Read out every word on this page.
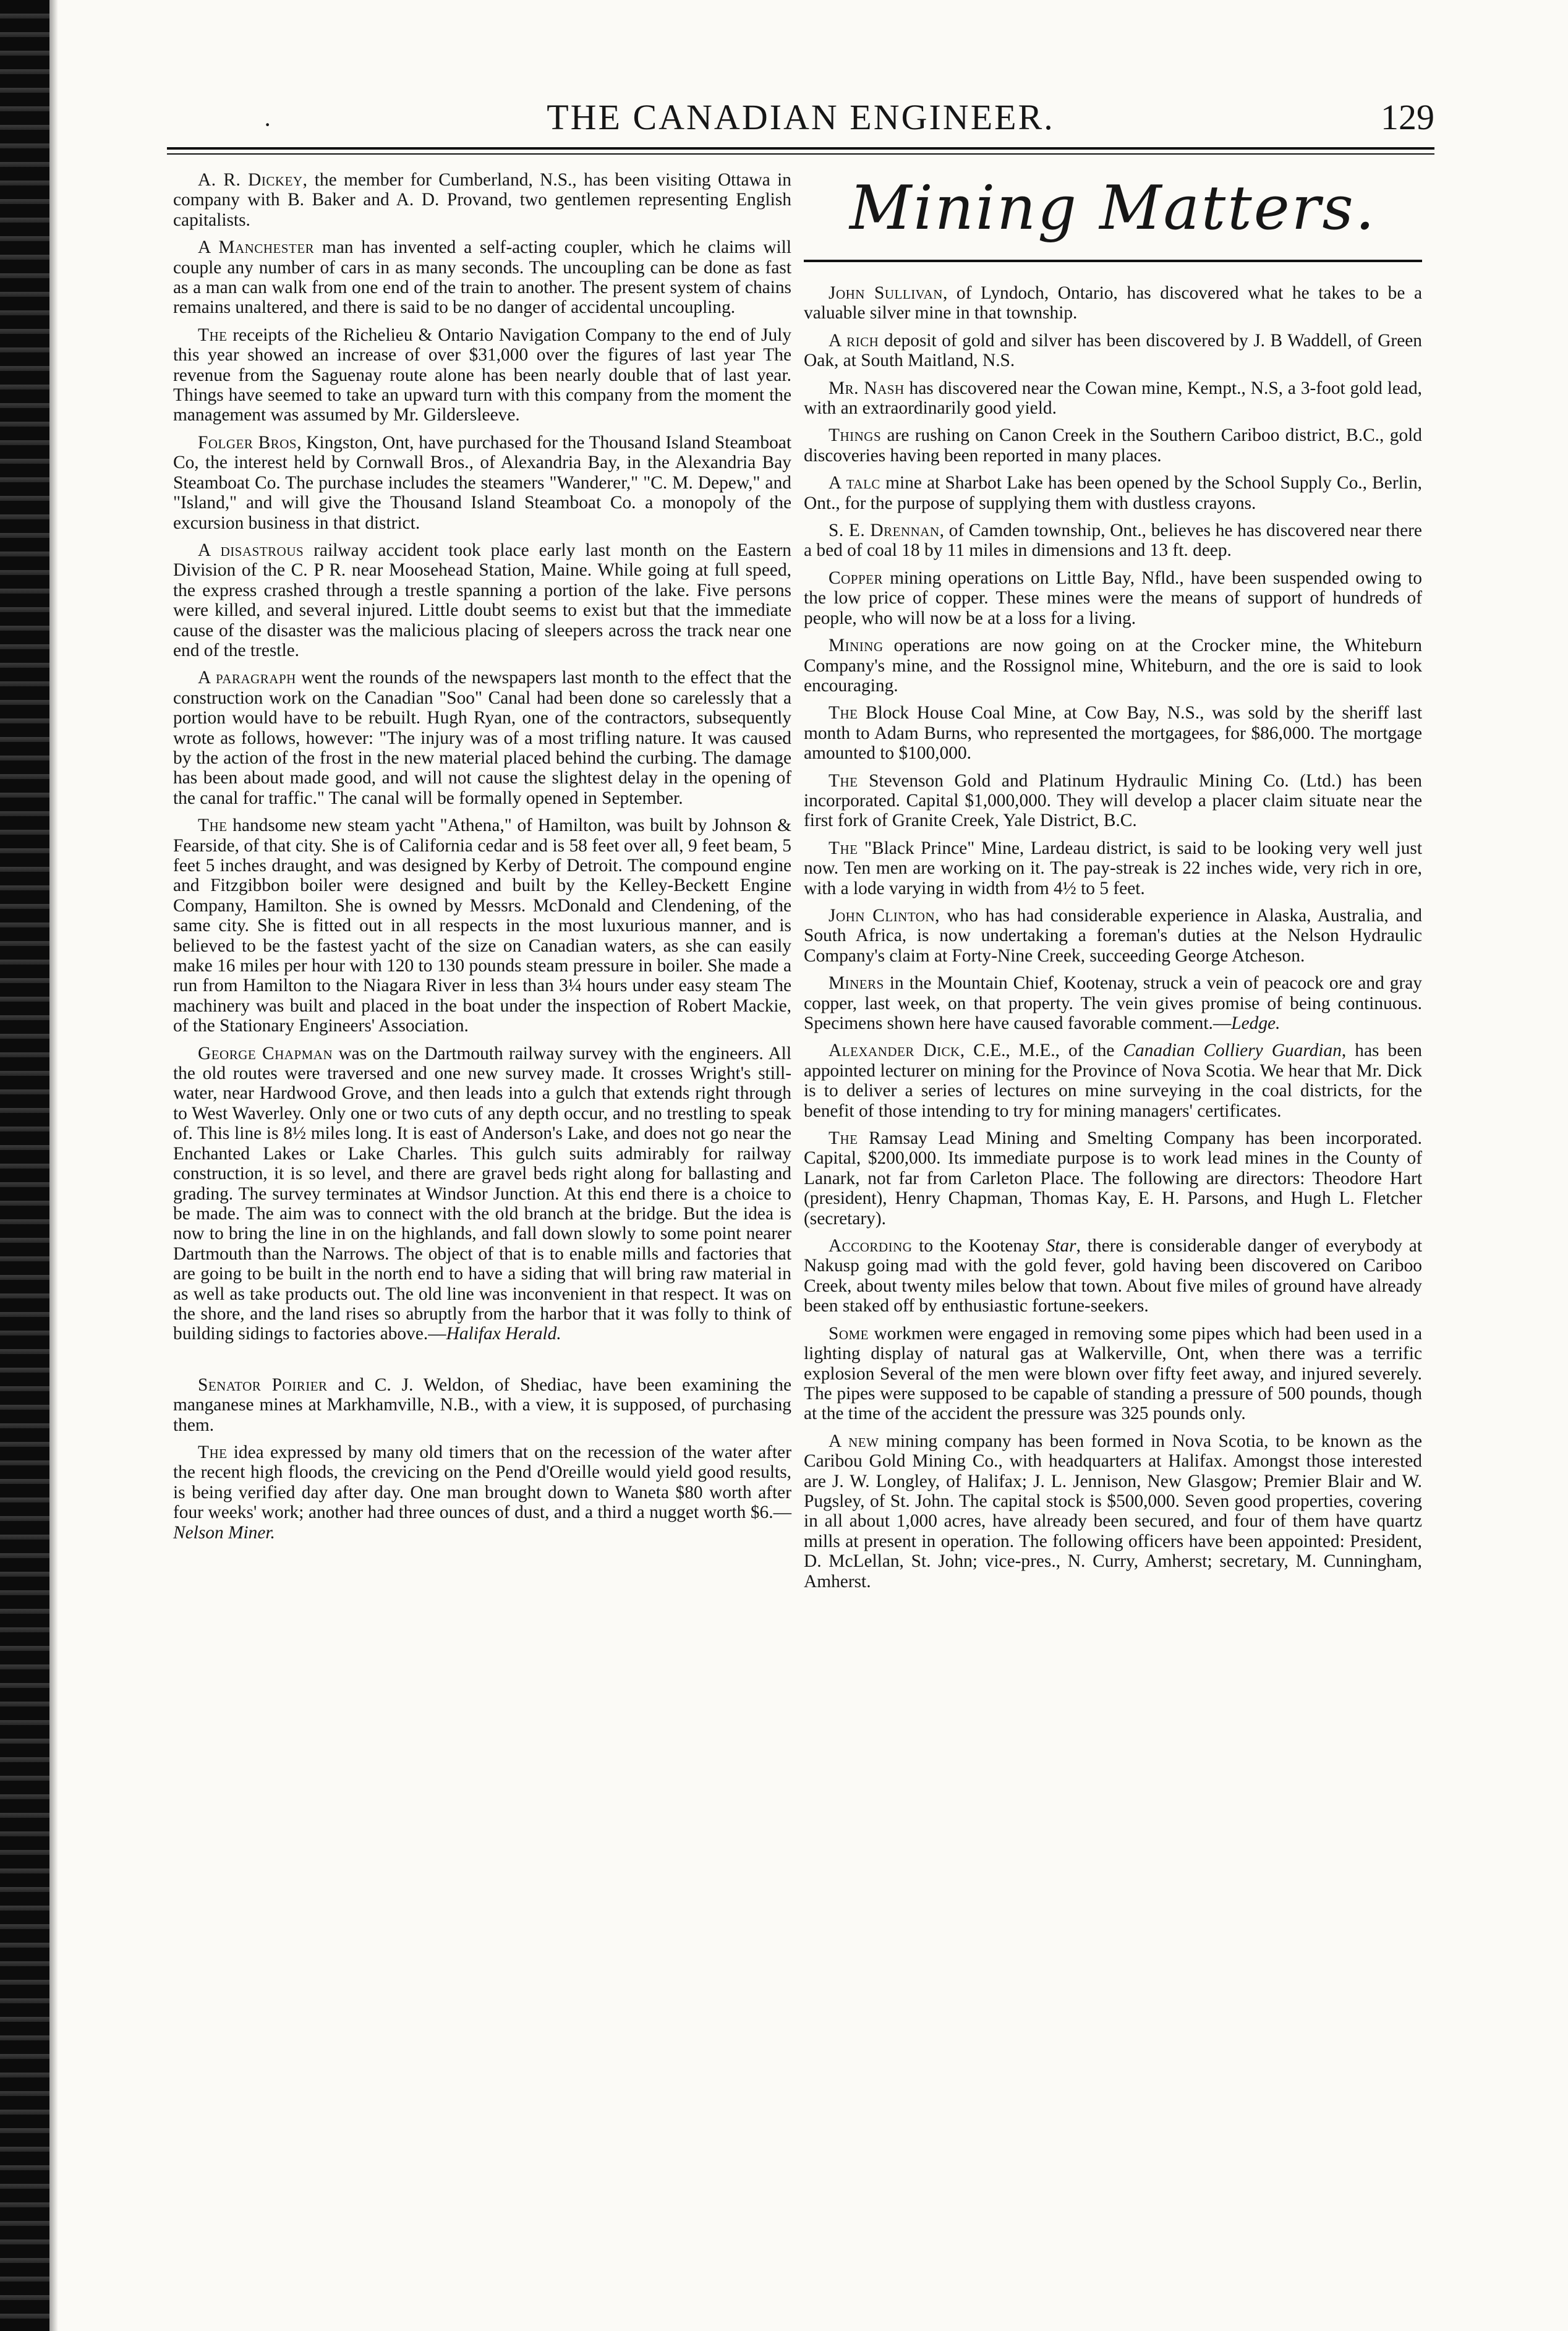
·	THE CANADIAN ENGINEER.	129

A. R. Dickey, the member for Cumberland, N.S., has been visiting Ottawa in company with B. Baker and A. D. Provand, two gentlemen representing English capitalists.

A Manchester man has invented a self-acting coupler, which he claims will couple any number of cars in as many seconds. The uncoupling can be done as fast as a man can walk from one end of the train to another. The present system of chains remains unaltered, and there is said to be no danger of accidental uncoupling.

The receipts of the Richelieu & Ontario Navigation Company to the end of July this year showed an increase of over $31,000 over the figures of last year The revenue from the Saguenay route alone has been nearly double that of last year. Things have seemed to take an upward turn with this company from the moment the management was assumed by Mr. Gildersleeve.

Folger Bros, Kingston, Ont, have purchased for the Thousand Island Steamboat Co, the interest held by Cornwall Bros., of Alexandria Bay, in the Alexandria Bay Steamboat Co. The purchase includes the steamers "Wanderer," "C. M. Depew," and "Island," and will give the Thousand Island Steamboat Co. a monopoly of the excursion business in that district.

A disastrous railway accident took place early last month on the Eastern Division of the C. P R. near Moosehead Station, Maine. While going at full speed, the express crashed through a trestle spanning a portion of the lake. Five persons were killed, and several injured. Little doubt seems to exist but that the immediate cause of the disaster was the malicious placing of sleepers across the track near one end of the trestle.

A paragraph went the rounds of the newspapers last month to the effect that the construction work on the Canadian "Soo" Canal had been done so carelessly that a portion would have to be rebuilt. Hugh Ryan, one of the contractors, subsequently wrote as follows, however: "The injury was of a most trifling nature. It was caused by the action of the frost in the new material placed behind the curbing. The damage has been about made good, and will not cause the slightest delay in the opening of the canal for traffic." The canal will be formally opened in September.

The handsome new steam yacht "Athena," of Hamilton, was built by Johnson & Fearside, of that city. She is of California cedar and is 58 feet over all, 9 feet beam, 5 feet 5 inches draught, and was designed by Kerby of Detroit. The compound engine and Fitzgibbon boiler were designed and built by the Kelley-Beckett Engine Company, Hamilton. She is owned by Messrs. McDonald and Clendening, of the same city. She is fitted out in all respects in the most luxurious manner, and is believed to be the fastest yacht of the size on Canadian waters, as she can easily make 16 miles per hour with 120 to 130 pounds steam pressure in boiler. She made a run from Hamilton to the Niagara River in less than 3¼ hours under easy steam The machinery was built and placed in the boat under the inspection of Robert Mackie, of the Stationary Engineers' Association.

George Chapman was on the Dartmouth railway survey with the engineers. All the old routes were traversed and one new survey made. It crosses Wright's still-water, near Hardwood Grove, and then leads into a gulch that extends right through to West Waverley. Only one or two cuts of any depth occur, and no trestling to speak of. This line is 8½ miles long. It is east of Anderson's Lake, and does not go near the Enchanted Lakes or Lake Charles. This gulch suits admirably for railway construction, it is so level, and there are gravel beds right along for ballasting and grading. The survey terminates at Windsor Junction. At this end there is a choice to be made. The aim was to connect with the old branch at the bridge. But the idea is now to bring the line in on the highlands, and fall down slowly to some point nearer Dartmouth than the Narrows. The object of that is to enable mills and factories that are going to be built in the north end to have a siding that will bring raw material in as well as take products out. The old line was inconvenient in that respect. It was on the shore, and the land rises so abruptly from the harbor that it was folly to think of building sidings to factories above.—Halifax Herald.

Senator Poirier and C. J. Weldon, of Shediac, have been examining the manganese mines at Markhamville, N.B., with a view, it is supposed, of purchasing them.

The idea expressed by many old timers that on the recession of the water after the recent high floods, the crevicing on the Pend d'Oreille would yield good results, is being verified day after day. One man brought down to Waneta $80 worth after four weeks' work; another had three ounces of dust, and a third a nugget worth $6.—Nelson Miner.

Mining Matters.

John Sullivan, of Lyndoch, Ontario, has discovered what he takes to be a valuable silver mine in that township.

A rich deposit of gold and silver has been discovered by J. B Waddell, of Green Oak, at South Maitland, N.S.

Mr. Nash has discovered near the Cowan mine, Kempt., N.S, a 3-foot gold lead, with an extraordinarily good yield.

Things are rushing on Canon Creek in the Southern Cariboo district, B.C., gold discoveries having been reported in many places.

A talc mine at Sharbot Lake has been opened by the School Supply Co., Berlin, Ont., for the purpose of supplying them with dustless crayons.

S. E. Drennan, of Camden township, Ont., believes he has discovered near there a bed of coal 18 by 11 miles in dimensions and 13 ft. deep.

Copper mining operations on Little Bay, Nfld., have been suspended owing to the low price of copper. These mines were the means of support of hundreds of people, who will now be at a loss for a living.

Mining operations are now going on at the Crocker mine, the Whiteburn Company's mine, and the Rossignol mine, Whiteburn, and the ore is said to look encouraging.

The Block House Coal Mine, at Cow Bay, N.S., was sold by the sheriff last month to Adam Burns, who represented the mortgagees, for $86,000. The mortgage amounted to $100,000.

The Stevenson Gold and Platinum Hydraulic Mining Co. (Ltd.) has been incorporated. Capital $1,000,000. They will develop a placer claim situate near the first fork of Granite Creek, Yale District, B.C.

The "Black Prince" Mine, Lardeau district, is said to be looking very well just now. Ten men are working on it. The pay-streak is 22 inches wide, very rich in ore, with a lode varying in width from 4½ to 5 feet.

John Clinton, who has had considerable experience in Alaska, Australia, and South Africa, is now undertaking a foreman's duties at the Nelson Hydraulic Company's claim at Forty-Nine Creek, succeeding George Atcheson.

Miners in the Mountain Chief, Kootenay, struck a vein of peacock ore and gray copper, last week, on that property. The vein gives promise of being continuous. Specimens shown here have caused favorable comment.—Ledge.

Alexander Dick, C.E., M.E., of the Canadian Colliery Guardian, has been appointed lecturer on mining for the Province of Nova Scotia. We hear that Mr. Dick is to deliver a series of lectures on mine surveying in the coal districts, for the benefit of those intending to try for mining managers' certificates.

The Ramsay Lead Mining and Smelting Company has been incorporated. Capital, $200,000. Its immediate purpose is to work lead mines in the County of Lanark, not far from Carleton Place. The following are directors: Theodore Hart (president), Henry Chapman, Thomas Kay, E. H. Parsons, and Hugh L. Fletcher (secretary).

According to the Kootenay Star, there is considerable danger of everybody at Nakusp going mad with the gold fever, gold having been discovered on Cariboo Creek, about twenty miles below that town. About five miles of ground have already been staked off by enthusiastic fortune-seekers.

Some workmen were engaged in removing some pipes which had been used in a lighting display of natural gas at Walkerville, Ont, when there was a terrific explosion Several of the men were blown over fifty feet away, and injured severely. The pipes were supposed to be capable of standing a pressure of 500 pounds, though at the time of the accident the pressure was 325 pounds only.

A new mining company has been formed in Nova Scotia, to be known as the Caribou Gold Mining Co., with headquarters at Halifax. Amongst those interested are J. W. Longley, of Halifax; J. L. Jennison, New Glasgow; Premier Blair and W. Pugsley, of St. John. The capital stock is $500,000. Seven good properties, covering in all about 1,000 acres, have already been secured, and four of them have quartz mills at present in operation. The following officers have been appointed: President, D. McLellan, St. John; vice-pres., N. Curry, Amherst; secretary, M. Cunningham, Amherst.
